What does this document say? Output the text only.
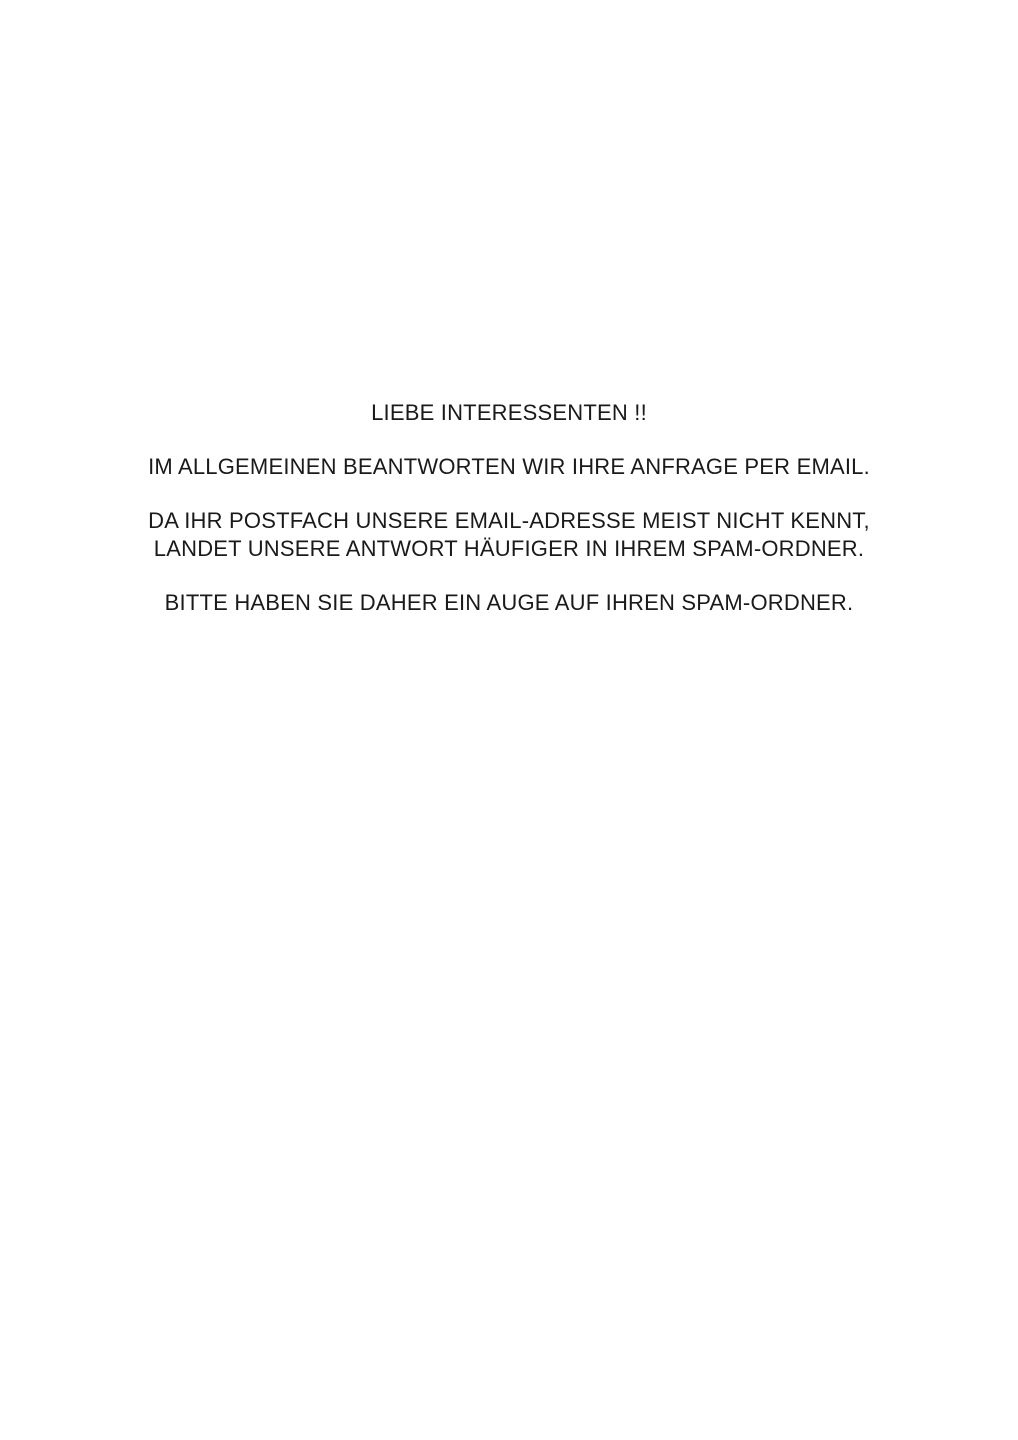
LIEBE INTERESSENTEN !!

IM ALLGEMEINEN BEANTWORTEN WIR IHRE ANFRAGE PER EMAIL.

DA IHR POSTFACH UNSERE EMAIL-ADRESSE MEIST NICHT KENNT,
LANDET UNSERE ANTWORT HÄUFIGER IN IHREM SPAM-ORDNER.

BITTE HABEN SIE DAHER EIN AUGE AUF IHREN SPAM-ORDNER.
